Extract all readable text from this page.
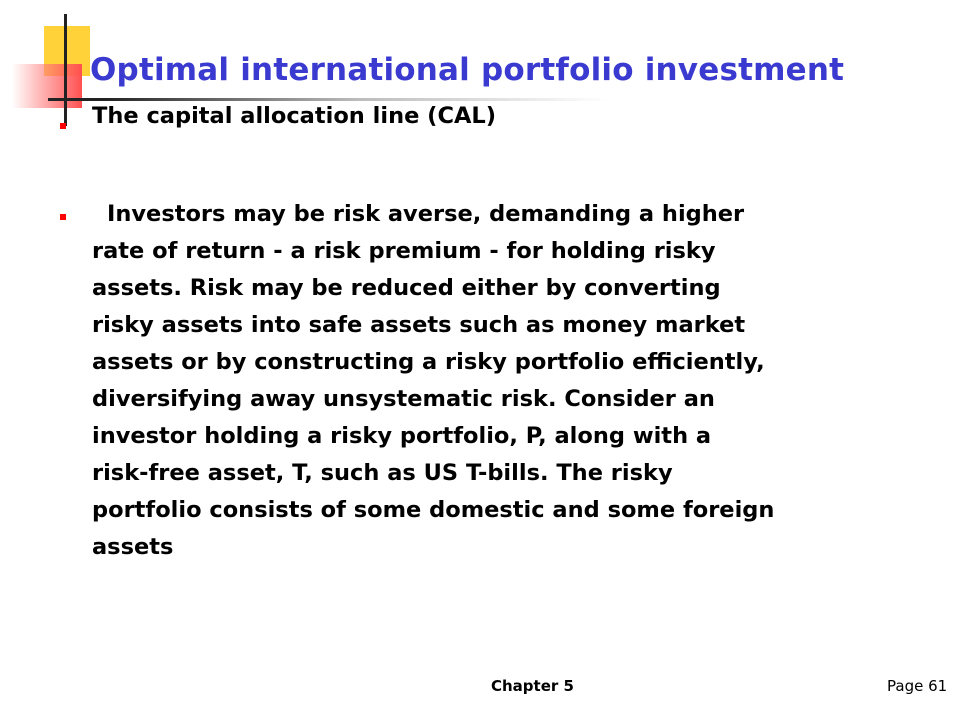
Optimal international portfolio investment
The capital allocation line (CAL)
Investors may be risk averse, demanding a higher
rate of return - a risk premium - for holding risky
assets. Risk may be reduced either by converting
risky assets into safe assets such as money market
assets or by constructing a risky portfolio efficiently,
diversifying away unsystematic risk. Consider an
investor holding a risky portfolio, P, along with a
risk-free asset, T, such as US T-bills. The risky
portfolio consists of some domestic and some foreign
assets
Chapter 5	Page 61
